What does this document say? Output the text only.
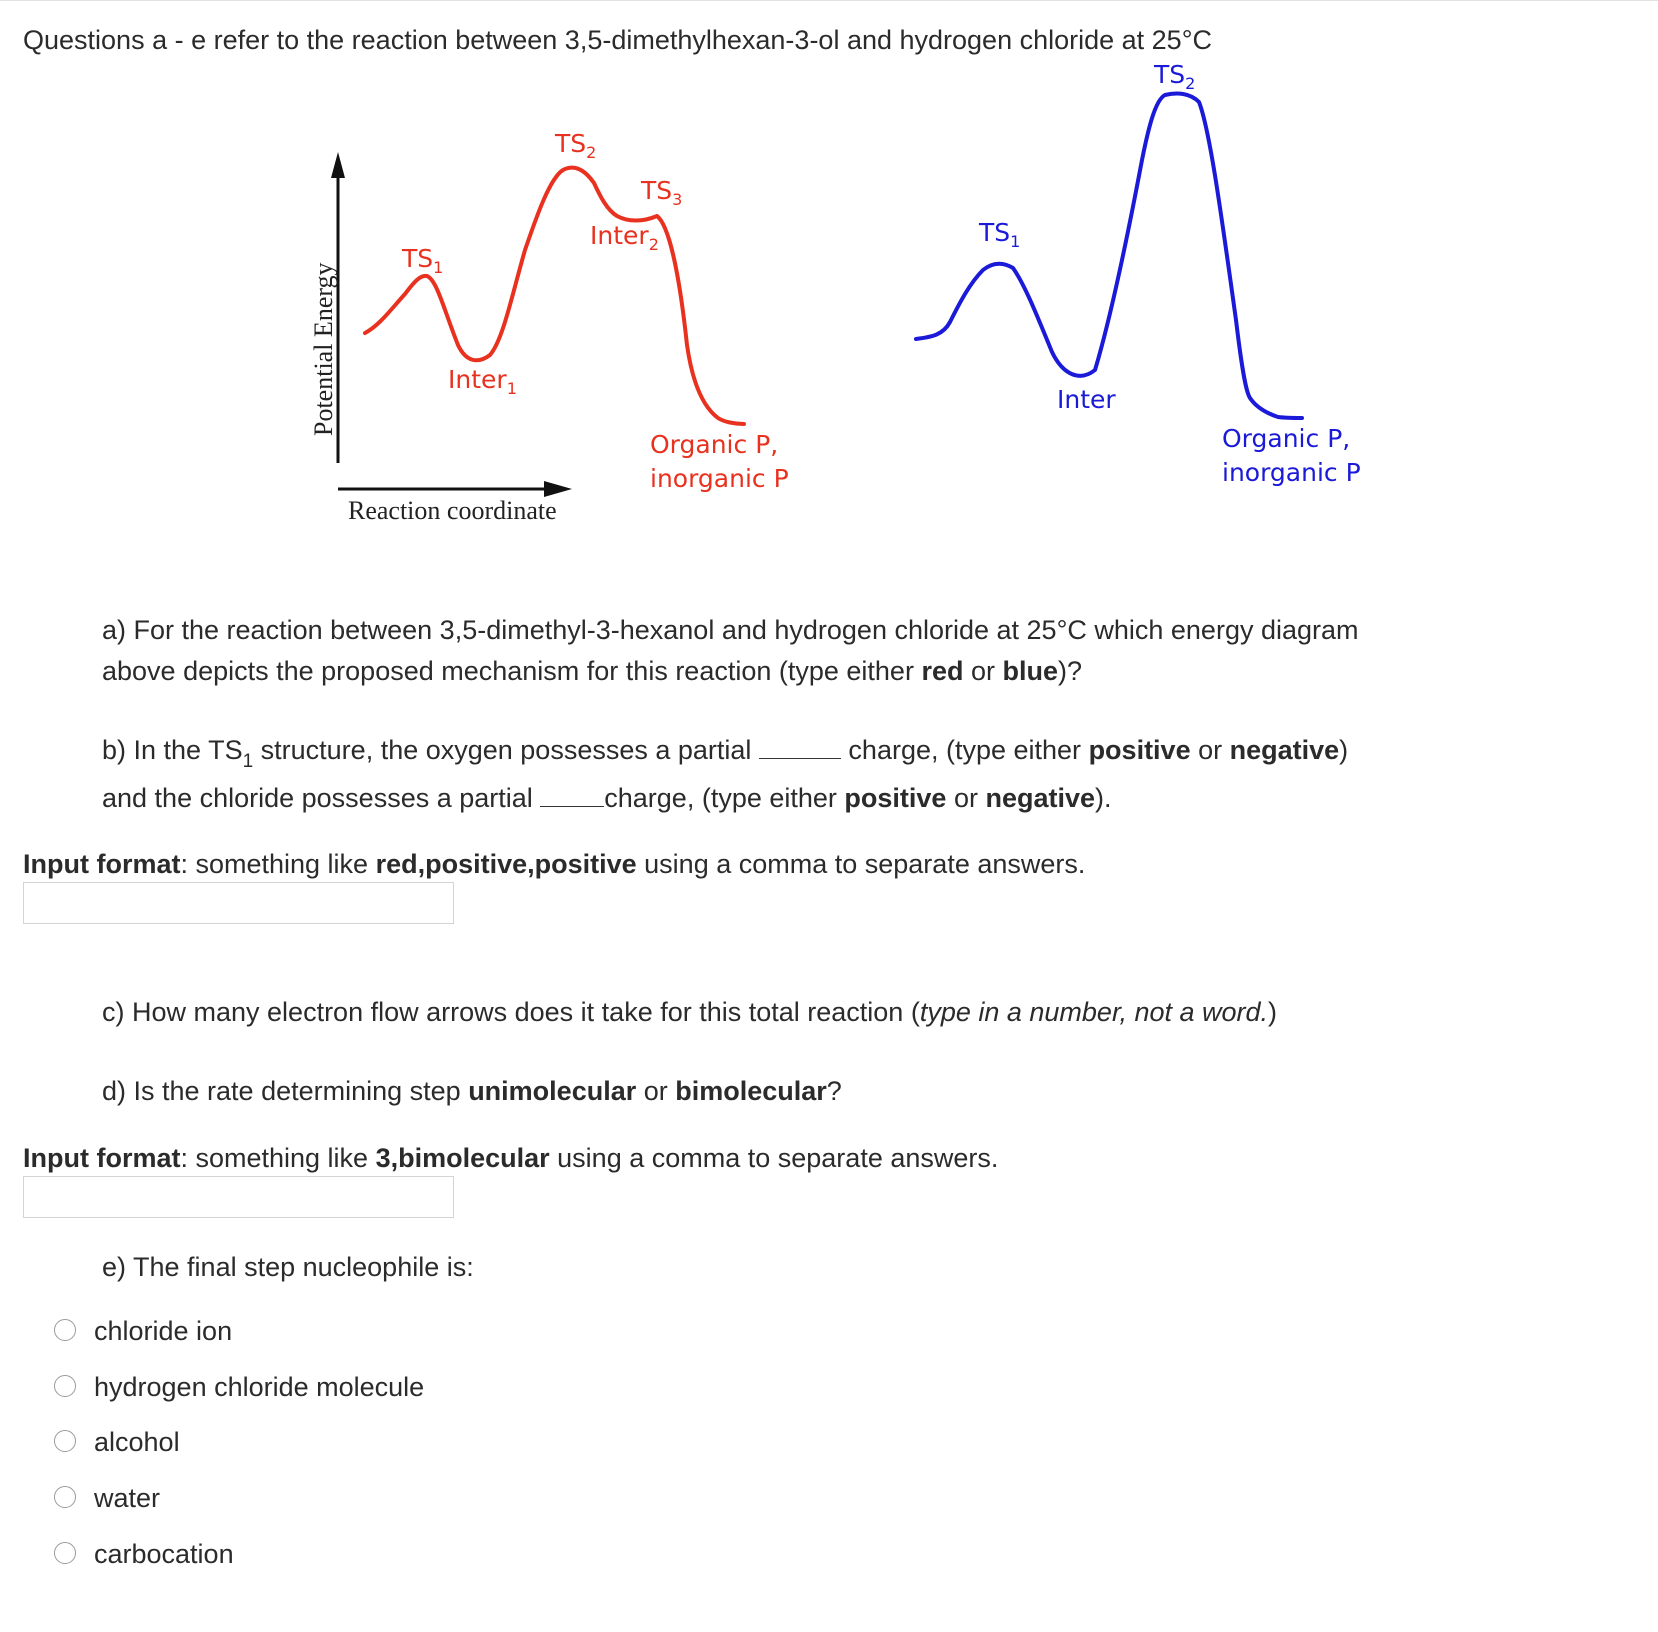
Questions a - e refer to the reaction between 3,5-dimethylhexan-3-ol and hydrogen chloride at 25°C
Potential Energy
Reaction coordinate
$TS_1$
Inter$_1$
$TS_2$
$TS_3$
Inter$_2$
Organic P,
inorganic P
$TS_1$
$TS_2$
Inter
Organic P,
inorganic P
a) For the reaction between 3,5-dimethyl-3-hexanol and hydrogen chloride at 25°C which energy diagram
above depicts the proposed mechanism for this reaction (type either red or blue)?
b) In the $TS_1$ structure, the oxygen possesses a partial	charge, (type either positive or negative)
and the chloride possesses a partial charge, (type either positive or negative).
Input format: something like red,positive,positive using a comma to separate answers.
c) How many electron flow arrows does it take for this total reaction (type in a number, not a word.)
d) Is the rate determining step unimolecular or bimolecular?
Input format: something like 3,bimolecular using a comma to separate answers.
e) The final step nucleophile is:
chloride ion
hydrogen chloride molecule
alcohol
water
carbocation
